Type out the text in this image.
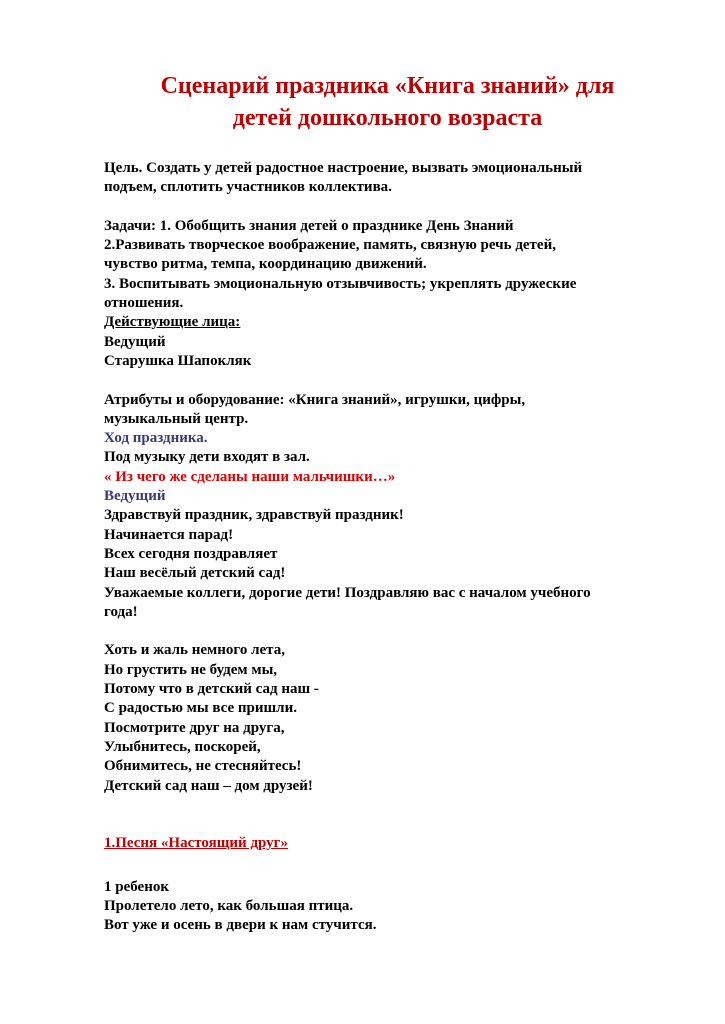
Сценарий праздника «Книга знаний» для
детей дошкольного возраста

Цель. Создать у детей радостное настроение, вызвать эмоциональный

подъем, сплотить участников коллектива.

Задачи: 1. Обобщить знания детей о празднике День Знаний

2.Развивать творческое воображение, память, связную речь детей,

чувство ритма, темпа, координацию движений.

3. Воспитывать эмоциональную отзывчивость; укреплять дружеские

отношения.

Действующие лица:

Ведущий

Старушка Шапокляк

Атрибуты и оборудование: «Книга знаний», игрушки, цифры,

музыкальный центр.

Ход праздника.

Под музыку дети входят в зал.

« Из чего же сделаны наши мальчишки…»

Ведущий

Здравствуй праздник, здравствуй праздник!

Начинается парад!

Всех сегодня поздравляет

Наш весёлый детский сад!

Уважаемые коллеги, дорогие дети! Поздравляю вас с началом учебного

года!

Хоть и жаль немного лета,

Но грустить не будем мы,

Потому что в детский сад наш -

С радостью мы все пришли.

Посмотрите друг на друга,

Улыбнитесь, поскорей,

Обнимитесь, не стесняйтесь!

Детский сад наш – дом друзей!

1.Песня «Настоящий друг»

1 ребенок

Пролетело лето, как большая птица.

Вот уже и осень в двери к нам стучится.
